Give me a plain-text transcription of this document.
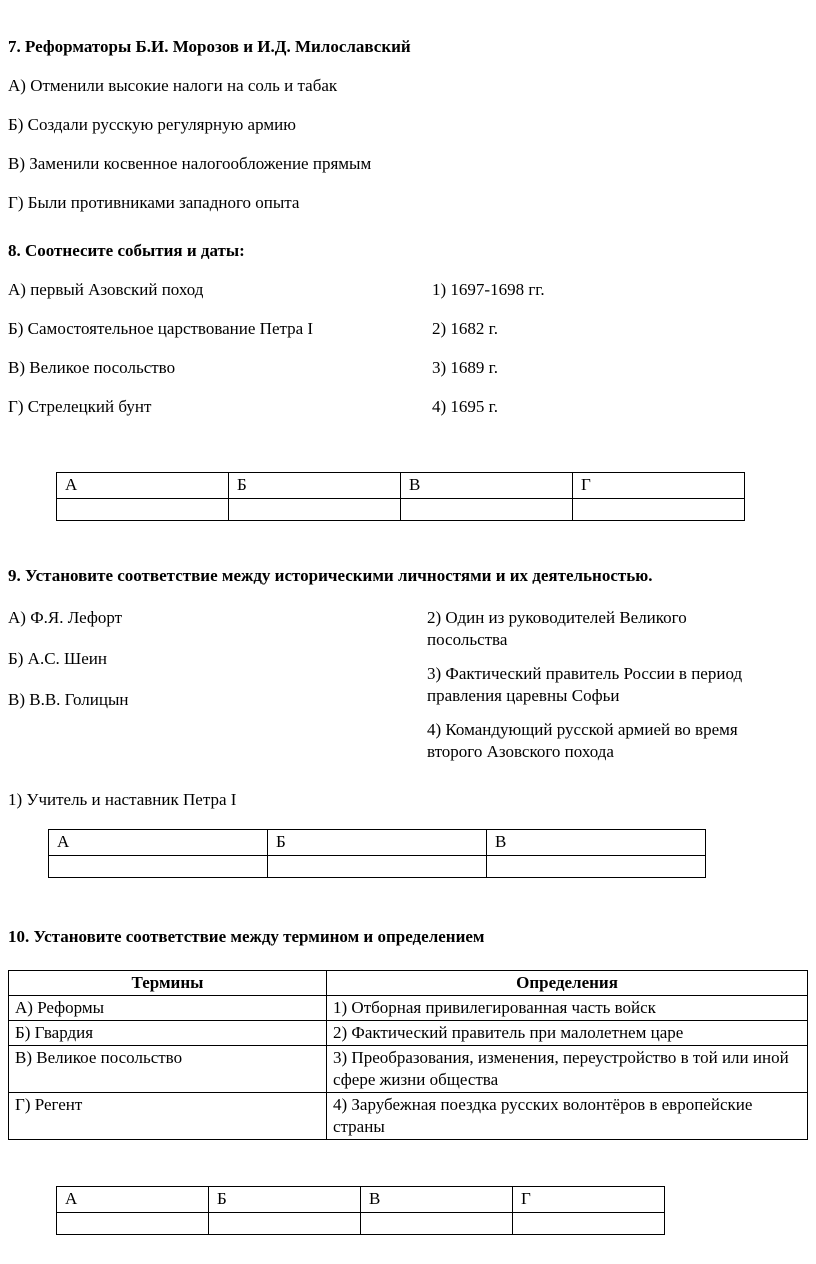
7. Реформаторы Б.И. Морозов и И.Д. Милославский

А) Отменили высокие налоги на соль и табак

Б) Создали русскую регулярную армию

В) Заменили косвенное налогообложение прямым

Г) Были противниками западного опыта

8. Соотнесите события и даты:

А) первый Азовский поход	1) 1697-1698 гг.

Б) Самостоятельное царствование Петра I	2) 1682 г.

В) Великое посольство	3) 1689 г.

Г) Стрелецкий бунт	4) 1695 г.

А	Б	В	Г

9. Установите соответствие между историческими личностями и их деятельностью.

А) Ф.Я. Лефорт

Б) А.С. Шеин

В) В.В. Голицын

2) Один из руководителей Великого посольства

3) Фактический правитель России в период правления царевны Софьи

4) Командующий русской армией во время второго Азовского похода

1) Учитель и наставник Петра I

А	Б	В

10. Установите соответствие между термином и определением

Термины	Определения
А) Реформы	1) Отборная привилегированная часть войск
Б) Гвардия	2) Фактический правитель при малолетнем царе
В) Великое посольство	3) Преобразования, изменения, переустройство в той или иной сфере жизни общества
Г) Регент	4) Зарубежная поездка русских волонтёров в европейские страны
А	Б	В	Г
